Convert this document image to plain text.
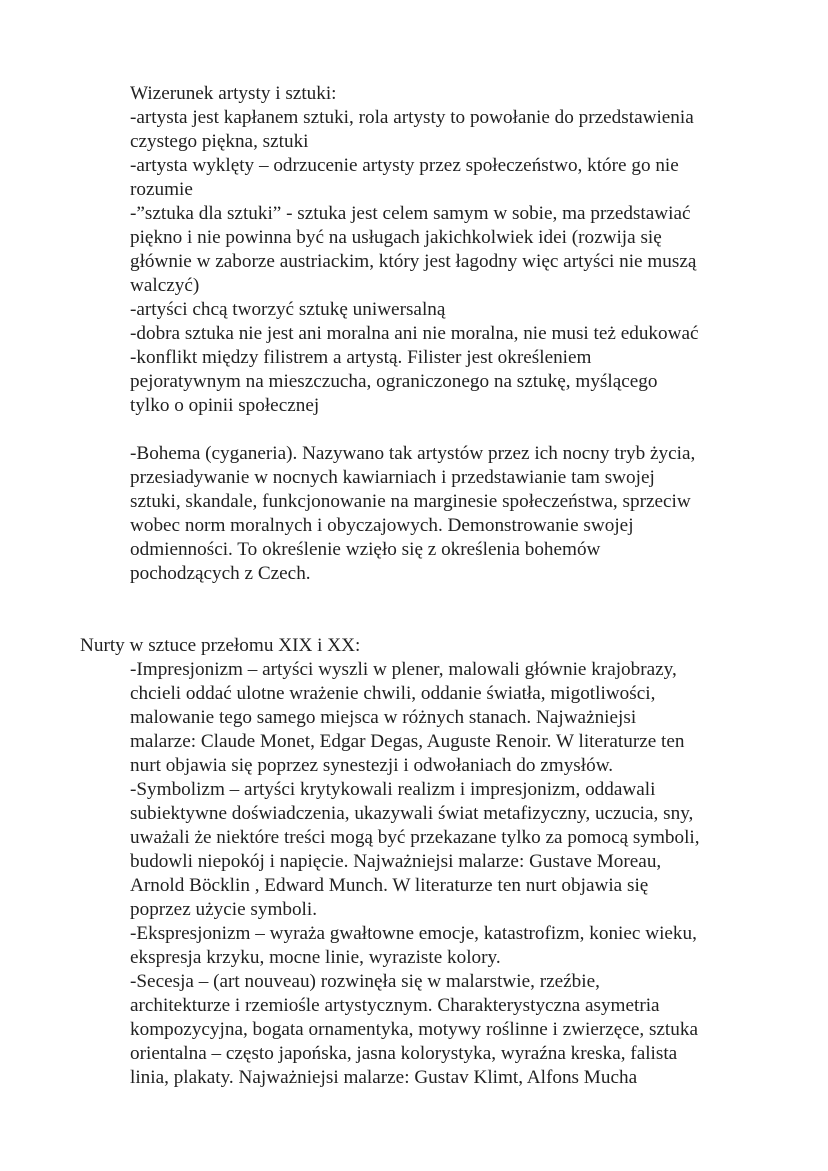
Wizerunek artysty i sztuki:
-artysta jest kapłanem sztuki, rola artysty to powołanie do przedstawienia
czystego piękna, sztuki
-artysta wyklęty – odrzucenie artysty przez społeczeństwo, które go nie
rozumie
-”sztuka dla sztuki” - sztuka jest celem samym w sobie, ma przedstawiać
piękno i nie powinna być na usługach jakichkolwiek idei (rozwija się
głównie w zaborze austriackim, który jest łagodny więc artyści nie muszą
walczyć)
-artyści chcą tworzyć sztukę uniwersalną
-dobra sztuka nie jest ani moralna ani nie moralna, nie musi też edukować
-konflikt między filistrem a artystą. Filister jest określeniem
pejoratywnym na mieszczucha, ograniczonego na sztukę, myślącego
tylko o opinii społecznej
-Bohema (cyganeria). Nazywano tak artystów przez ich nocny tryb życia,
przesiadywanie w nocnych kawiarniach i przedstawianie tam swojej
sztuki, skandale, funkcjonowanie na marginesie społeczeństwa, sprzeciw
wobec norm moralnych i obyczajowych. Demonstrowanie swojej
odmienności. To określenie wzięło się z określenia bohemów
pochodzących z Czech.
Nurty w sztuce przełomu XIX i XX:
-Impresjonizm – artyści wyszli w plener, malowali głównie krajobrazy,
chcieli oddać ulotne wrażenie chwili, oddanie światła, migotliwości,
malowanie tego samego miejsca w różnych stanach. Najważniejsi
malarze: Claude Monet, Edgar Degas, Auguste Renoir. W literaturze ten
nurt objawia się poprzez synestezji i odwołaniach do zmysłów.
-Symbolizm – artyści krytykowali realizm i impresjonizm, oddawali
subiektywne doświadczenia, ukazywali świat metafizyczny, uczucia, sny,
uważali że niektóre treści mogą być przekazane tylko za pomocą symboli,
budowli niepokój i napięcie. Najważniejsi malarze: Gustave Moreau,
Arnold Böcklin , Edward Munch. W literaturze ten nurt objawia się
poprzez użycie symboli.
-Ekspresjonizm – wyraża gwałtowne emocje, katastrofizm, koniec wieku,
ekspresja krzyku, mocne linie, wyraziste kolory.
-Secesja – (art nouveau) rozwinęła się w malarstwie, rzeźbie,
architekturze i rzemiośle artystycznym. Charakterystyczna asymetria
kompozycyjna, bogata ornamentyka, motywy roślinne i zwierzęce, sztuka
orientalna – często japońska, jasna kolorystyka, wyraźna kreska, falista
linia, plakaty. Najważniejsi malarze: Gustav Klimt, Alfons Mucha
